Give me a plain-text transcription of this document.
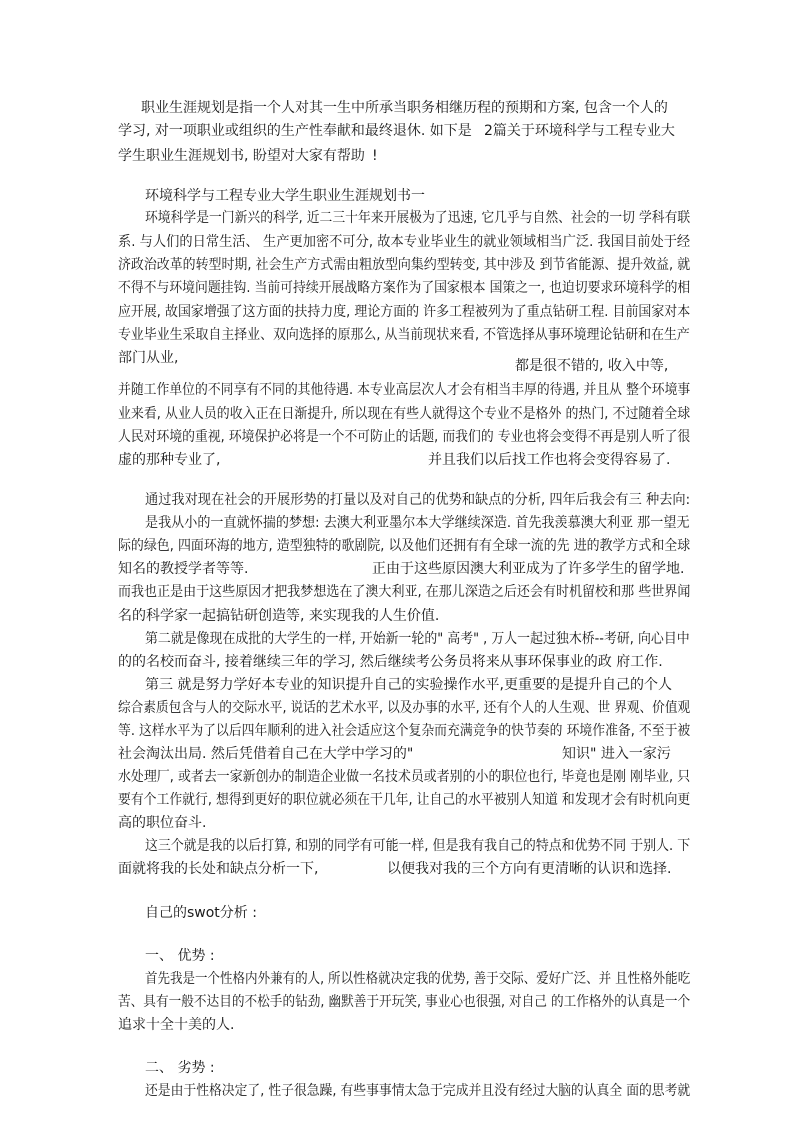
职业生涯规划是指一个人对其一生中所承当职务相继历程的预期和方案, 包含一个人的
学习, 对一项职业或组织的生产性奉献和最终退休. 如下是 2篇关于环境科学与工程专业大
学生职业生涯规划书, 盼望对大家有帮助 !
环境科学与工程专业大学生职业生涯规划书一
环境科学是一门新兴的科学, 近二三十年来开展极为了迅速, 它几乎与自然、社会的一切 学科有联
系. 与人们的日常生活、 生产更加密不可分, 故本专业毕业生的就业领域相当广泛. 我国目前处于经
济政治改革的转型时期, 社会生产方式需由粗放型向集约型转变, 其中涉及 到节省能源、提升效益, 就
不得不与环境问题挂钩. 当前可持续开展战略方案作为了国家根本 国策之一, 也迫切要求环境科学的相
应开展, 故国家增强了这方面的扶持力度, 理论方面的 许多工程被列为了重点钻研工程. 目前国家对本
专业毕业生采取自主择业、双向选择的原那么, 从当前现状来看, 不管选择从事环境理论钻研和在生产
部门从业,	都是很不错的, 收入中等,
并随工作单位的不同享有不同的其他待遇. 本专业高层次人才会有相当丰厚的待遇, 并且从 整个环境事
业来看, 从业人员的收入正在日渐提升, 所以现在有些人就得这个专业不是格外 的热门, 不过随着全球
人民对环境的重视, 环境保护必将是一个不可防止的话题, 而我们的 专业也将会变得不再是别人听了很
虚的那种专业了,	并且我们以后找工作也将会变得容易了.
通过我对现在社会的开展形势的打量以及对自己的优势和缺点的分析, 四年后我会有三 种去向:
是我从小的一直就怀揣的梦想: 去澳大利亚墨尔本大学继续深造. 首先我羡慕澳大利亚 那一望无
际的绿色, 四面环海的地方, 造型独特的歌剧院, 以及他们还拥有有全球一流的先 进的教学方式和全球
知名的教授学者等等.	正由于这些原因澳大利亚成为了许多学生的留学地.
而我也正是由于这些原因才把我梦想选在了澳大利亚, 在那儿深造之后还会有时机留校和那 些世界闻
名的科学家一起搞钻研创造等, 来实现我的人生价值.
第二就是像现在成批的大学生的一样, 开始新一轮的" 高考" , 万人一起过独木桥--考研, 向心目中
的的名校而奋斗, 接着继续三年的学习, 然后继续考公务员将来从事环保事业的政 府工作.
第三 就是努力学好本专业的知识提升自己的实验操作水平, 更重要的是提升自己的个人
综合素质包含与人的交际水平, 说话的艺术水平, 以及办事的水平, 还有个人的人生观、世 界观、价值观
等. 这样水平为了以后四年顺利的进入社会适应这个复杂而充满竞争的快节奏的 环境作准备, 不至于被
社会淘汰出局. 然后凭借着自己在大学中学习的"	知识" 进入一家污
水处理厂, 或者去一家新创办的制造企业做一名技术员或者别的小的职位也行, 毕竟也是刚 刚毕业, 只
要有个工作就行, 想得到更好的职位就必须在干几年, 让自己的水平被别人知道 和发现才会有时机向更
高的职位奋斗.
这三个就是我的以后打算, 和别的同学有可能一样, 但是我有我自己的特点和优势不同 于别人. 下
面就将我的长处和缺点分析一下,	以便我对我的三个方向有更清晰的认识和选择.
自己的swot分析 :
一、 优势 :
首先我是一个性格内外兼有的人, 所以性格就决定我的优势, 善于交际、爱好广泛、并 且性格外能吃
苦、具有一般不达目的不松手的钻劲, 幽默善于开玩笑, 事业心也很强, 对自己 的工作格外的认真是一个
追求十全十美的人.
二、 劣势 :
还是由于性格决定了, 性子很急躁, 有些事事情太急于完成并且没有经过大脑的认真全 面的思考就
